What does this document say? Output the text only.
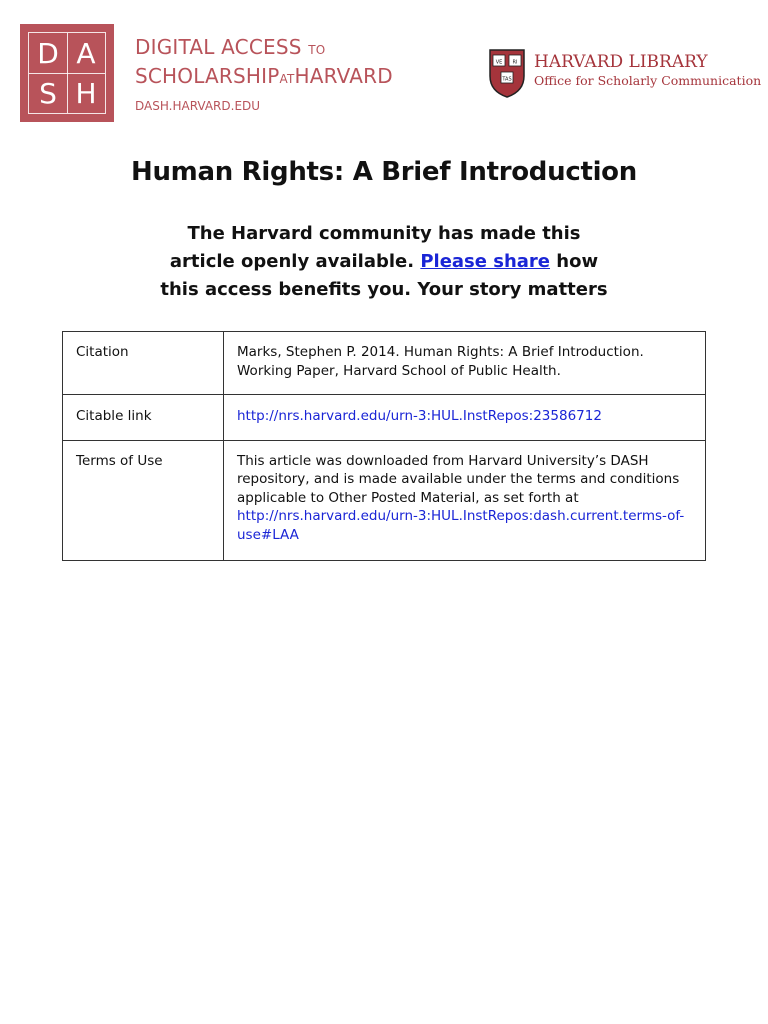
D A
S H
DIGITAL ACCESS TO
SCHOLARSHIPATHARVARD
DASH.HARVARD.EDU
VE RI
TAS
HARVARD LIBRARY
Office for Scholarly Communication
Human Rights: A Brief Introduction
The Harvard community has made this
article openly available. Please share how
this access benefits you. Your story matters
Citation	Marks, Stephen P. 2014. Human Rights: A Brief Introduction. Working Paper, Harvard School of Public Health.
Citable link	http://nrs.harvard.edu/urn-3:HUL.InstRepos:23586712
Terms of Use	This article was downloaded from Harvard University’s DASH repository, and is made available under the terms and conditions applicable to Other Posted Material, as set forth at http://nrs.harvard.edu/urn-3:HUL.InstRepos:dash.current.terms-of-use#LAA
